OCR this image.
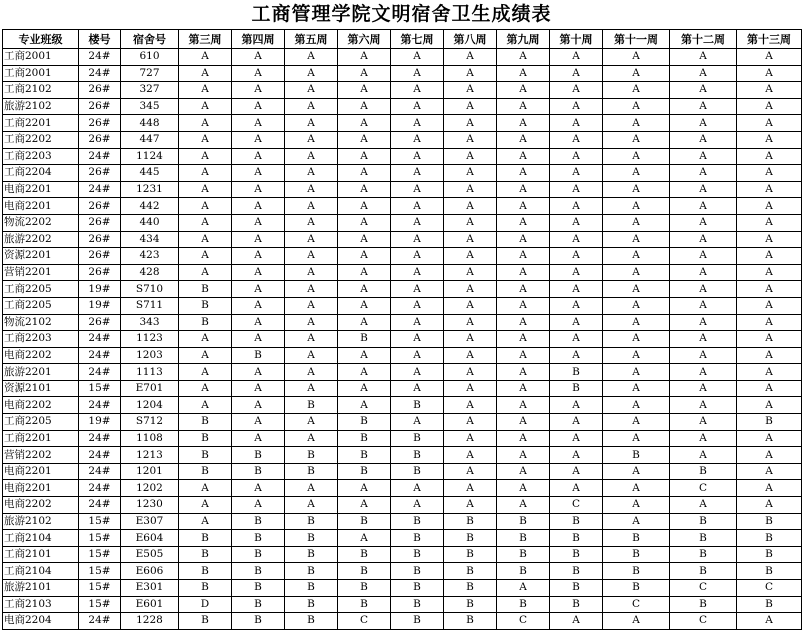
工商管理学院文明宿舍卫生成绩表
专业班级	楼号	宿舍号	第三周	第四周	第五周	第六周	第七周	第八周	第九周	第十周	第十一周	第十二周	第十三周
工商2001	24#	610	A	A	A	A	A	A	A	A	A	A	A
工商2001	24#	727	A	A	A	A	A	A	A	A	A	A	A
工商2102	26#	327	A	A	A	A	A	A	A	A	A	A	A
旅游2102	26#	345	A	A	A	A	A	A	A	A	A	A	A
工商2201	26#	448	A	A	A	A	A	A	A	A	A	A	A
工商2202	26#	447	A	A	A	A	A	A	A	A	A	A	A
工商2203	24#	1124	A	A	A	A	A	A	A	A	A	A	A
工商2204	26#	445	A	A	A	A	A	A	A	A	A	A	A
电商2201	24#	1231	A	A	A	A	A	A	A	A	A	A	A
电商2201	26#	442	A	A	A	A	A	A	A	A	A	A	A
物流2202	26#	440	A	A	A	A	A	A	A	A	A	A	A
旅游2202	26#	434	A	A	A	A	A	A	A	A	A	A	A
资源2201	26#	423	A	A	A	A	A	A	A	A	A	A	A
营销2201	26#	428	A	A	A	A	A	A	A	A	A	A	A
工商2205	19#	S710	B	A	A	A	A	A	A	A	A	A	A
工商2205	19#	S711	B	A	A	A	A	A	A	A	A	A	A
物流2102	26#	343	B	A	A	A	A	A	A	A	A	A	A
工商2203	24#	1123	A	A	A	B	A	A	A	A	A	A	A
电商2202	24#	1203	A	B	A	A	A	A	A	A	A	A	A
旅游2201	24#	1113	A	A	A	A	A	A	A	B	A	A	A
资源2101	15#	E701	A	A	A	A	A	A	A	B	A	A	A
电商2202	24#	1204	A	A	B	A	B	A	A	A	A	A	A
工商2205	19#	S712	B	A	A	B	A	A	A	A	A	A	B
工商2201	24#	1108	B	A	A	B	B	A	A	A	A	A	A
营销2202	24#	1213	B	B	B	B	B	A	A	A	B	A	A
电商2201	24#	1201	B	B	B	B	B	A	A	A	A	B	A
电商2201	24#	1202	A	A	A	A	A	A	A	A	A	C	A
电商2202	24#	1230	A	A	A	A	A	A	A	C	A	A	A
旅游2102	15#	E307	A	B	B	B	B	B	B	B	A	B	B
工商2104	15#	E604	B	B	B	A	B	B	B	B	B	B	B
工商2101	15#	E505	B	B	B	B	B	B	B	B	B	B	B
工商2104	15#	E606	B	B	B	B	B	B	B	B	B	B	B
旅游2101	15#	E301	B	B	B	B	B	B	A	B	B	C	C
工商2103	15#	E601	D	B	B	B	B	B	B	B	C	B	B
电商2204	24#	1228	B	B	B	C	B	B	C	A	A	C	A
